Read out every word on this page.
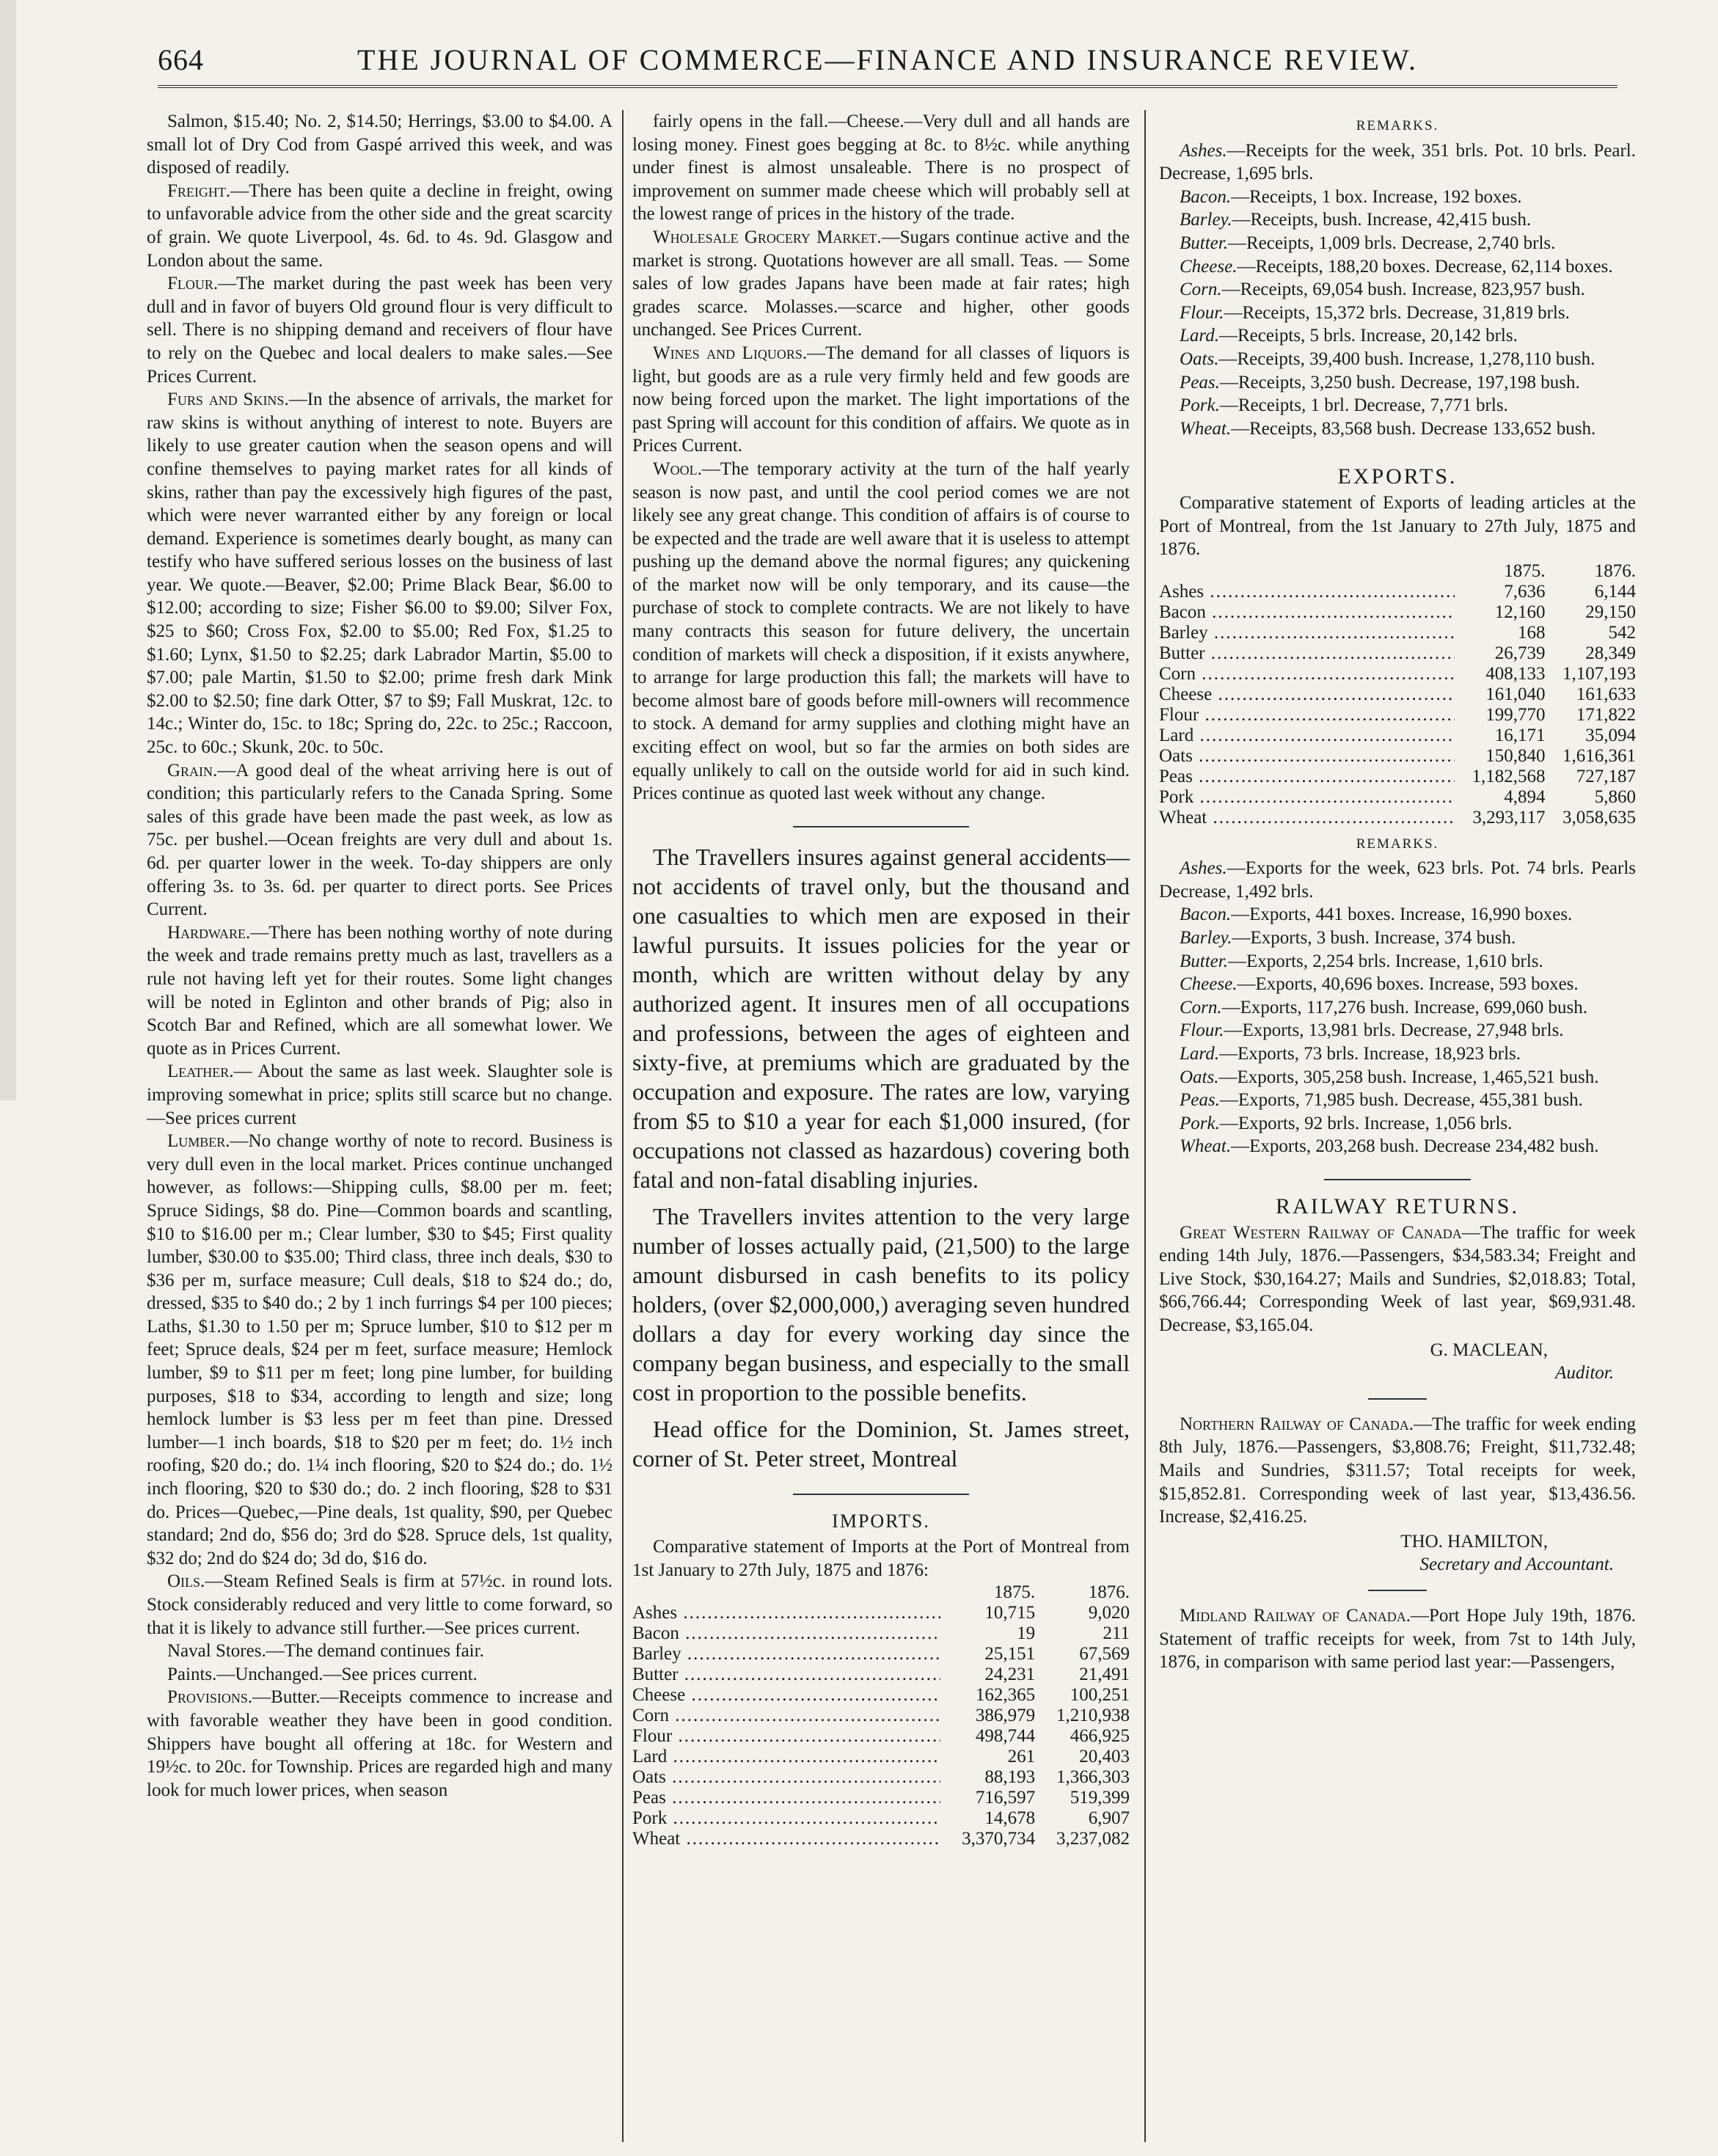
664	THE JOURNAL OF COMMERCE—FINANCE AND INSURANCE REVIEW.

Salmon, $15.40; No. 2, $14.50; Herrings, $3.00 to $4.00. A small lot of Dry Cod from Gaspé arrived this week, and was disposed of readily.

Freight.—There has been quite a decline in freight, owing to unfavorable advice from the other side and the great scarcity of grain. We quote Liverpool, 4s. 6d. to 4s. 9d. Glasgow and London about the same.

Flour.—The market during the past week has been very dull and in favor of buyers Old ground flour is very difficult to sell. There is no shipping demand and receivers of flour have to rely on the Quebec and local dealers to make sales.—See Prices Current.

Furs and Skins.—In the absence of arrivals, the market for raw skins is without anything of interest to note. Buyers are likely to use greater caution when the season opens and will confine themselves to paying market rates for all kinds of skins, rather than pay the excessively high figures of the past, which were never warranted either by any foreign or local demand. Experience is sometimes dearly bought, as many can testify who have suffered serious losses on the business of last year. We quote.—Beaver, $2.00; Prime Black Bear, $6.00 to $12.00; according to size; Fisher $6.00 to $9.00; Silver Fox, $25 to $60; Cross Fox, $2.00 to $5.00; Red Fox, $1.25 to $1.60; Lynx, $1.50 to $2.25; dark Labrador Martin, $5.00 to $7.00; pale Martin, $1.50 to $2.00; prime fresh dark Mink $2.00 to $2.50; fine dark Otter, $7 to $9; Fall Muskrat, 12c. to 14c.; Winter do, 15c. to 18c; Spring do, 22c. to 25c.; Raccoon, 25c. to 60c.; Skunk, 20c. to 50c.

Grain.—A good deal of the wheat arriving here is out of condition; this particularly refers to the Canada Spring. Some sales of this grade have been made the past week, as low as 75c. per bushel.—Ocean freights are very dull and about 1s. 6d. per quarter lower in the week. To-day shippers are only offering 3s. to 3s. 6d. per quarter to direct ports. See Prices Current.

Hardware.—There has been nothing worthy of note during the week and trade remains pretty much as last, travellers as a rule not having left yet for their routes. Some light changes will be noted in Eglinton and other brands of Pig; also in Scotch Bar and Refined, which are all somewhat lower. We quote as in Prices Current.

Leather.— About the same as last week. Slaughter sole is improving somewhat in price; splits still scarce but no change.—See prices current

Lumber.—No change worthy of note to record. Business is very dull even in the local market. Prices continue unchanged however, as follows:—Shipping culls, $8.00 per m. feet; Spruce Sidings, $8 do. Pine—Common boards and scantling, $10 to $16.00 per m.; Clear lumber, $30 to $45; First quality lumber, $30.00 to $35.00; Third class, three inch deals, $30 to $36 per m, surface measure; Cull deals, $18 to $24 do.; do, dressed, $35 to $40 do.; 2 by 1 inch furrings $4 per 100 pieces; Laths, $1.30 to 1.50 per m; Spruce lumber, $10 to $12 per m feet; Spruce deals, $24 per m feet, surface measure; Hemlock lumber, $9 to $11 per m feet; long pine lumber, for building purposes, $18 to $34, according to length and size; long hemlock lumber is $3 less per m feet than pine. Dressed lumber—1 inch boards, $18 to $20 per m feet; do. 1½ inch roofing, $20 do.; do. 1¼ inch flooring, $20 to $24 do.; do. 1½ inch flooring, $20 to $30 do.; do. 2 inch flooring, $28 to $31 do. Prices—Quebec,—Pine deals, 1st quality, $90, per Quebec standard; 2nd do, $56 do; 3rd do $28. Spruce dels, 1st quality, $32 do; 2nd do $24 do; 3d do, $16 do.

Oils.—Steam Refined Seals is firm at 57½c. in round lots. Stock considerably reduced and very little to come forward, so that it is likely to advance still further.—See prices current.

Naval Stores.—The demand continues fair.

Paints.—Unchanged.—See prices current.

Provisions.—Butter.—Receipts commence to increase and with favorable weather they have been in good condition. Shippers have bought all offering at 18c. for Western and 19½c. to 20c. for Township. Prices are regarded high and many look for much lower prices, when season

fairly opens in the fall.—Cheese.—Very dull and all hands are losing money. Finest goes begging at 8c. to 8½c. while anything under finest is almost unsaleable. There is no prospect of improvement on summer made cheese which will probably sell at the lowest range of prices in the history of the trade.

Wholesale Grocery Market.—Sugars continue active and the market is strong. Quotations however are all small. Teas. — Some sales of low grades Japans have been made at fair rates; high grades scarce. Molasses.—scarce and higher, other goods unchanged. See Prices Current.

Wines and Liquors.—The demand for all classes of liquors is light, but goods are as a rule very firmly held and few goods are now being forced upon the market. The light importations of the past Spring will account for this condition of affairs. We quote as in Prices Current.

Wool.—The temporary activity at the turn of the half yearly season is now past, and until the cool period comes we are not likely see any great change. This condition of affairs is of course to be expected and the trade are well aware that it is useless to attempt pushing up the demand above the normal figures; any quickening of the market now will be only temporary, and its cause—the purchase of stock to complete contracts. We are not likely to have many contracts this season for future delivery, the uncertain condition of markets will check a disposition, if it exists anywhere, to arrange for large production this fall; the markets will have to become almost bare of goods before mill-owners will recommence to stock. A demand for army supplies and clothing might have an exciting effect on wool, but so far the armies on both sides are equally unlikely to call on the outside world for aid in such kind. Prices continue as quoted last week without any change.

The Travellers insures against general accidents—not accidents of travel only, but the thousand and one casualties to which men are exposed in their lawful pursuits. It issues policies for the year or month, which are written without delay by any authorized agent. It insures men of all occupations and professions, between the ages of eighteen and sixty-five, at premiums which are graduated by the occupation and exposure. The rates are low, varying from $5 to $10 a year for each $1,000 insured, (for occupations not classed as hazardous) covering both fatal and non-fatal disabling injuries.

The Travellers invites attention to the very large number of losses actually paid, (21,500) to the large amount disbursed in cash benefits to its policy holders, (over $2,000,000,) averaging seven hundred dollars a day for every working day since the company began business, and especially to the small cost in proportion to the possible benefits.

Head office for the Dominion, St. James street, corner of St. Peter street, Montreal

IMPORTS.

Comparative statement of Imports at the Port of Montreal from 1st January to 27th July, 1875 and 1876:

	1875.	1876.
Ashes .....	10,715	9,020
Bacon .....	19	211
Barley .....	25,151	67,569
Butter .....	24,231	21,491
Cheese .....	162,365	100,251
Corn .....	386,979	1,210,938
Flour .....	498,744	466,925
Lard .....	261	20,403
Oats .....	88,193	1,366,303
Peas .....	716,597	519,399
Pork .....	14,678	6,907
Wheat .....	3,370,734	3,237,082
REMARKS.

Ashes.—Receipts for the week, 351 brls. Pot. 10 brls. Pearl. Decrease, 1,695 brls.

Bacon.—Receipts, 1 box. Increase, 192 boxes.

Barley.—Receipts, bush. Increase, 42,415 bush.

Butter.—Receipts, 1,009 brls. Decrease, 2,740 brls.

Cheese.—Receipts, 188,20 boxes. Decrease, 62,114 boxes.

Corn.—Receipts, 69,054 bush. Increase, 823,957 bush.

Flour.—Receipts, 15,372 brls. Decrease, 31,819 brls.

Lard.—Receipts, 5 brls. Increase, 20,142 brls.

Oats.—Receipts, 39,400 bush. Increase, 1,278,110 bush.

Peas.—Receipts, 3,250 bush. Decrease, 197,198 bush.

Pork.—Receipts, 1 brl. Decrease, 7,771 brls.

Wheat.—Receipts, 83,568 bush. Decrease 133,652 bush.

EXPORTS.

Comparative statement of Exports of leading articles at the Port of Montreal, from the 1st January to 27th July, 1875 and 1876.

	1875.	1876.
Ashes .....	7,636	6,144
Bacon .....	12,160	29,150
Barley .....	168	542
Butter .....	26,739	28,349
Corn .....	408,133	1,107,193
Cheese .....	161,040	161,633
Flour .....	199,770	171,822
Lard .....	16,171	35,094
Oats .....	150,840	1,616,361
Peas .....	1,182,568	727,187
Pork .....	4,894	5,860
Wheat .....	3,293,117	3,058,635
REMARKS.

Ashes.—Exports for the week, 623 brls. Pot. 74 brls. Pearls Decrease, 1,492 brls.

Bacon.—Exports, 441 boxes. Increase, 16,990 boxes.

Barley.—Exports, 3 bush. Increase, 374 bush.

Butter.—Exports, 2,254 brls. Increase, 1,610 brls.

Cheese.—Exports, 40,696 boxes. Increase, 593 boxes.

Corn.—Exports, 117,276 bush. Increase, 699,060 bush.

Flour.—Exports, 13,981 brls. Decrease, 27,948 brls.

Lard.—Exports, 73 brls. Increase, 18,923 brls.

Oats.—Exports, 305,258 bush. Increase, 1,465,521 bush.

Peas.—Exports, 71,985 bush. Decrease, 455,381 bush.

Pork.—Exports, 92 brls. Increase, 1,056 brls.

Wheat.—Exports, 203,268 bush. Decrease 234,482 bush.

RAILWAY RETURNS.

Great Western Railway of Canada—The traffic for week ending 14th July, 1876.—Passengers, $34,583.34; Freight and Live Stock, $30,164.27; Mails and Sundries, $2,018.83; Total, $66,766.44; Corresponding Week of last year, $69,931.48. Decrease, $3,165.04.

G. MACLEAN,

Auditor.

Northern Railway of Canada.—The traffic for week ending 8th July, 1876.—Passengers, $3,808.76; Freight, $11,732.48; Mails and Sundries, $311.57; Total receipts for week, $15,852.81. Corresponding week of last year, $13,436.56. Increase, $2,416.25.

THO. HAMILTON,

Secretary and Accountant.

Midland Railway of Canada.—Port Hope July 19th, 1876. Statement of traffic receipts for week, from 7st to 14th July, 1876, in comparison with same period last year:—Passengers,
